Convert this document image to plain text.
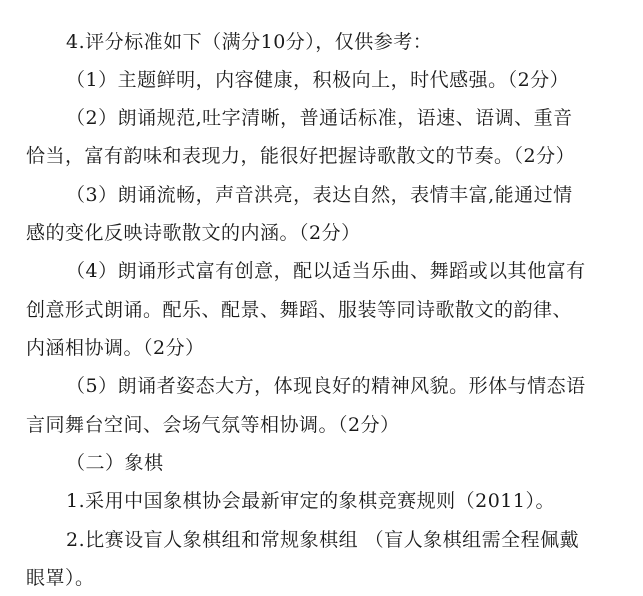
4.评分标准如下（满分10分），仅供参考：
（1）主题鲜明，内容健康，积极向上，时代感强。（2分）
（2）朗诵规范,吐字清晰，普通话标准，语速、语调、重音
恰当，富有韵味和表现力，能很好把握诗歌散文的节奏。（2分）
（3）朗诵流畅，声音洪亮，表达自然，表情丰富,能通过情
感的变化反映诗歌散文的内涵。（2分）
（4）朗诵形式富有创意，配以适当乐曲、舞蹈或以其他富有
创意形式朗诵。配乐、配景、舞蹈、服装等同诗歌散文的韵律、
内涵相协调。（2分）
（5）朗诵者姿态大方，体现良好的精神风貌。形体与情态语
言同舞台空间、会场气氛等相协调。（2分）
（二）象棋
1.采用中国象棋协会最新审定的象棋竞赛规则（2011）。
2.比赛设盲人象棋组和常规象棋组 （盲人象棋组需全程佩戴
眼罩）。
